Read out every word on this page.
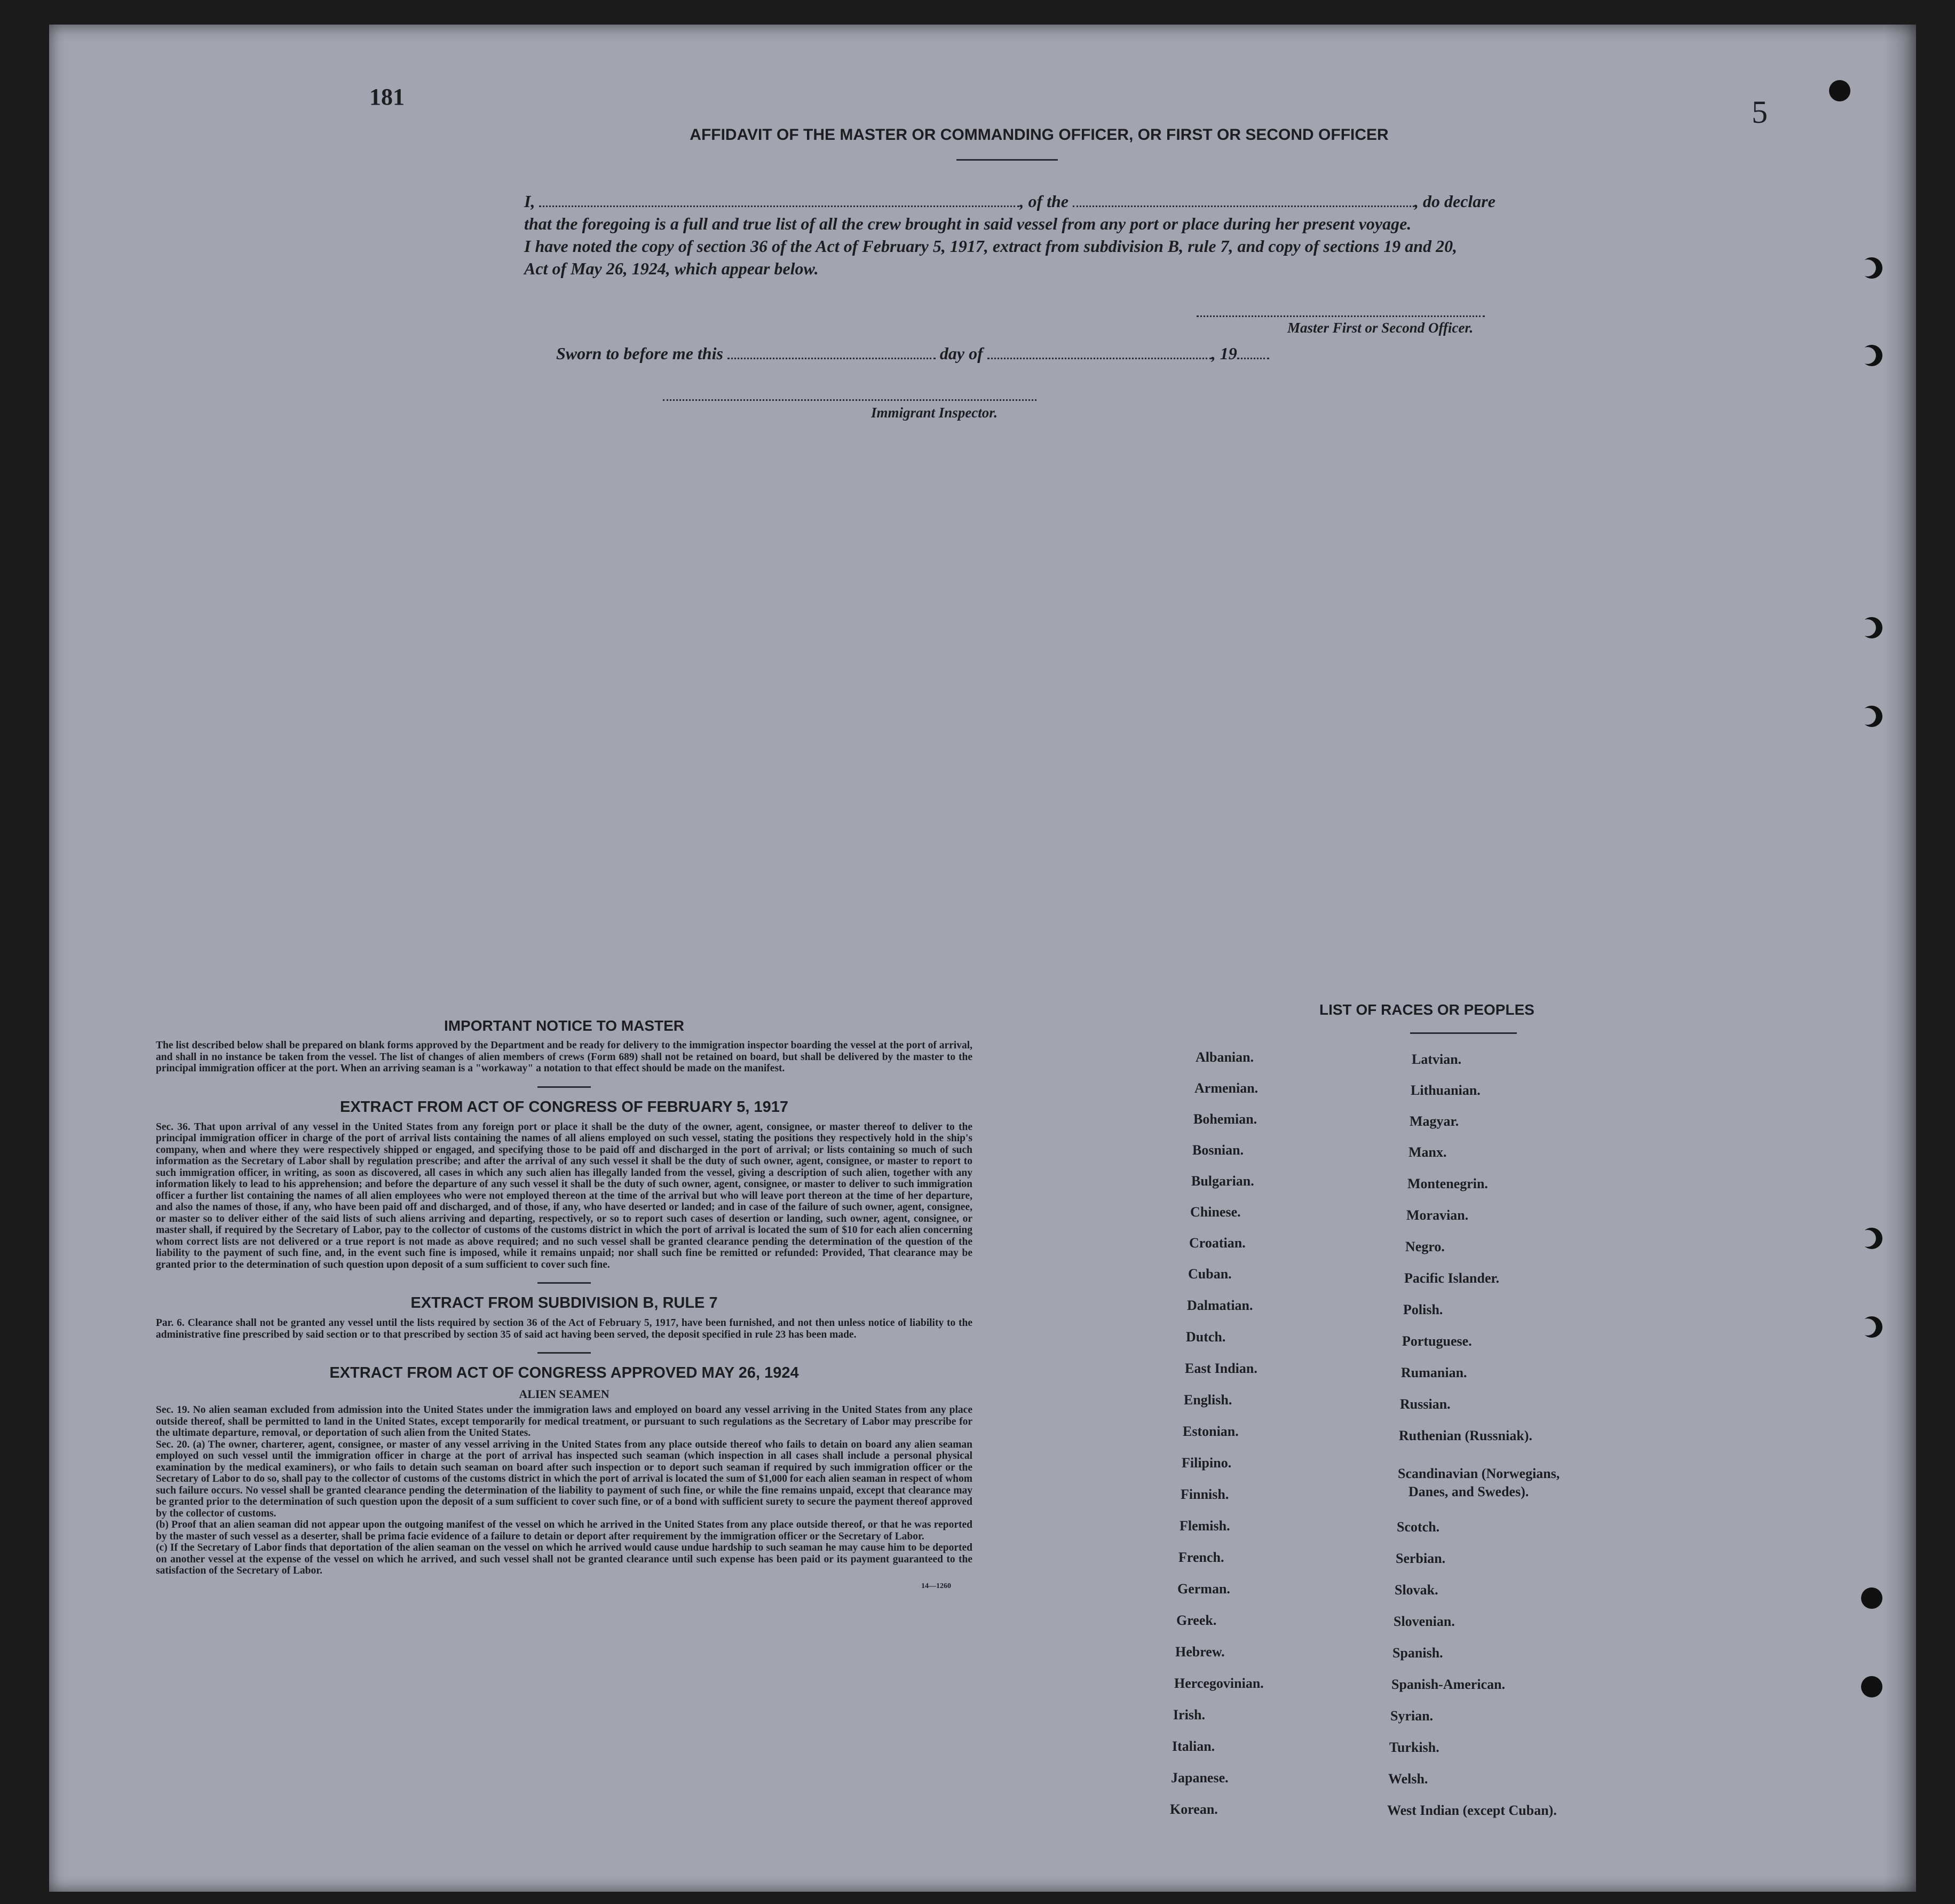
181	5
AFFIDAVIT OF THE MASTER OR COMMANDING OFFICER, OR FIRST OR SECOND OFFICER

I,	, of the	, do declare

that the foregoing is a full and true list of all the crew brought in said vessel from any port or place during her present voyage.

I have noted the copy of section 36 of the Act of February 5, 1917, extract from subdivision B, rule 7, and copy of sections 19 and 20,

Act of May 26, 1924, which appear below.

Master First or Second Officer.
Sworn to before me this	day of	, 19
Immigrant Inspector.
IMPORTANT NOTICE TO MASTER

The list described below shall be prepared on blank forms approved by the Department and be ready for delivery to the immigration inspector boarding the vessel at the port of arrival, and shall in no instance be taken from the vessel. The list of changes of alien members of crews (Form 689) shall not be retained on board, but shall be delivered by the master to the principal immigration officer at the port. When an arriving seaman is a "workaway" a notation to that effect should be made on the manifest.

EXTRACT FROM ACT OF CONGRESS OF FEBRUARY 5, 1917

Sec. 36. That upon arrival of any vessel in the United States from any foreign port or place it shall be the duty of the owner, agent, consignee, or master thereof to deliver to the principal immigration officer in charge of the port of arrival lists containing the names of all aliens employed on such vessel, stating the positions they respectively hold in the ship's company, when and where they were respectively shipped or engaged, and specifying those to be paid off and discharged in the port of arrival; or lists containing so much of such information as the Secretary of Labor shall by regulation prescribe; and after the arrival of any such vessel it shall be the duty of such owner, agent, consignee, or master to report to such immigration officer, in writing, as soon as discovered, all cases in which any such alien has illegally landed from the vessel, giving a description of such alien, together with any information likely to lead to his apprehension; and before the departure of any such vessel it shall be the duty of such owner, agent, consignee, or master to deliver to such immigration officer a further list containing the names of all alien employees who were not employed thereon at the time of the arrival but who will leave port thereon at the time of her departure, and also the names of those, if any, who have been paid off and discharged, and of those, if any, who have deserted or landed; and in case of the failure of such owner, agent, consignee, or master so to deliver either of the said lists of such aliens arriving and departing, respectively, or so to report such cases of desertion or landing, such owner, agent, consignee, or master shall, if required by the Secretary of Labor, pay to the collector of customs of the customs district in which the port of arrival is located the sum of $10 for each alien concerning whom correct lists are not delivered or a true report is not made as above required; and no such vessel shall be granted clearance pending the determination of the question of the liability to the payment of such fine, and, in the event such fine is imposed, while it remains unpaid; nor shall such fine be remitted or refunded: Provided, That clearance may be granted prior to the determination of such question upon deposit of a sum sufficient to cover such fine.

EXTRACT FROM SUBDIVISION B, RULE 7

Par. 6. Clearance shall not be granted any vessel until the lists required by section 36 of the Act of February 5, 1917, have been furnished, and not then unless notice of liability to the administrative fine prescribed by said section or to that prescribed by section 35 of said act having been served, the deposit specified in rule 23 has been made.

EXTRACT FROM ACT OF CONGRESS APPROVED MAY 26, 1924
ALIEN SEAMEN

Sec. 19. No alien seaman excluded from admission into the United States under the immigration laws and employed on board any vessel arriving in the United States from any place outside thereof, shall be permitted to land in the United States, except temporarily for medical treatment, or pursuant to such regulations as the Secretary of Labor may prescribe for the ultimate departure, removal, or deportation of such alien from the United States.

Sec. 20. (a) The owner, charterer, agent, consignee, or master of any vessel arriving in the United States from any place outside thereof who fails to detain on board any alien seaman employed on such vessel until the immigration officer in charge at the port of arrival has inspected such seaman (which inspection in all cases shall include a personal physical examination by the medical examiners), or who fails to detain such seaman on board after such inspection or to deport such seaman if required by such immigration officer or the Secretary of Labor to do so, shall pay to the collector of customs of the customs district in which the port of arrival is located the sum of $1,000 for each alien seaman in respect of whom such failure occurs. No vessel shall be granted clearance pending the determination of the liability to payment of such fine, or while the fine remains unpaid, except that clearance may be granted prior to the determination of such question upon the deposit of a sum sufficient to cover such fine, or of a bond with sufficient surety to secure the payment thereof approved by the collector of customs.

(b) Proof that an alien seaman did not appear upon the outgoing manifest of the vessel on which he arrived in the United States from any place outside thereof, or that he was reported by the master of such vessel as a deserter, shall be prima facie evidence of a failure to detain or deport after requirement by the immigration officer or the Secretary of Labor.

(c) If the Secretary of Labor finds that deportation of the alien seaman on the vessel on which he arrived would cause undue hardship to such seaman he may cause him to be deported on another vessel at the expense of the vessel on which he arrived, and such vessel shall not be granted clearance until such expense has been paid or its payment guaranteed to the satisfaction of the Secretary of Labor.

14—1260
LIST OF RACES OR PEOPLES
Albanian.
Armenian.
Bohemian.
Bosnian.
Bulgarian.
Chinese.
Croatian.
Cuban.
Dalmatian.
Dutch.
East Indian.
English.
Estonian.
Filipino.
Finnish.
Flemish.
French.
German.
Greek.
Hebrew.
Hercegovinian.
Irish.
Italian.
Japanese.
Korean.
Latvian.
Lithuanian.
Magyar.
Manx.
Montenegrin.
Moravian.
Negro.
Pacific Islander.
Polish.
Portuguese.
Rumanian.
Russian.
Ruthenian (Russniak).
Scandinavian (Norwegians,
Danes, and Swedes).
Scotch.
Serbian.
Slovak.
Slovenian.
Spanish.
Spanish-American.
Syrian.
Turkish.
Welsh.
West Indian (except Cuban).
